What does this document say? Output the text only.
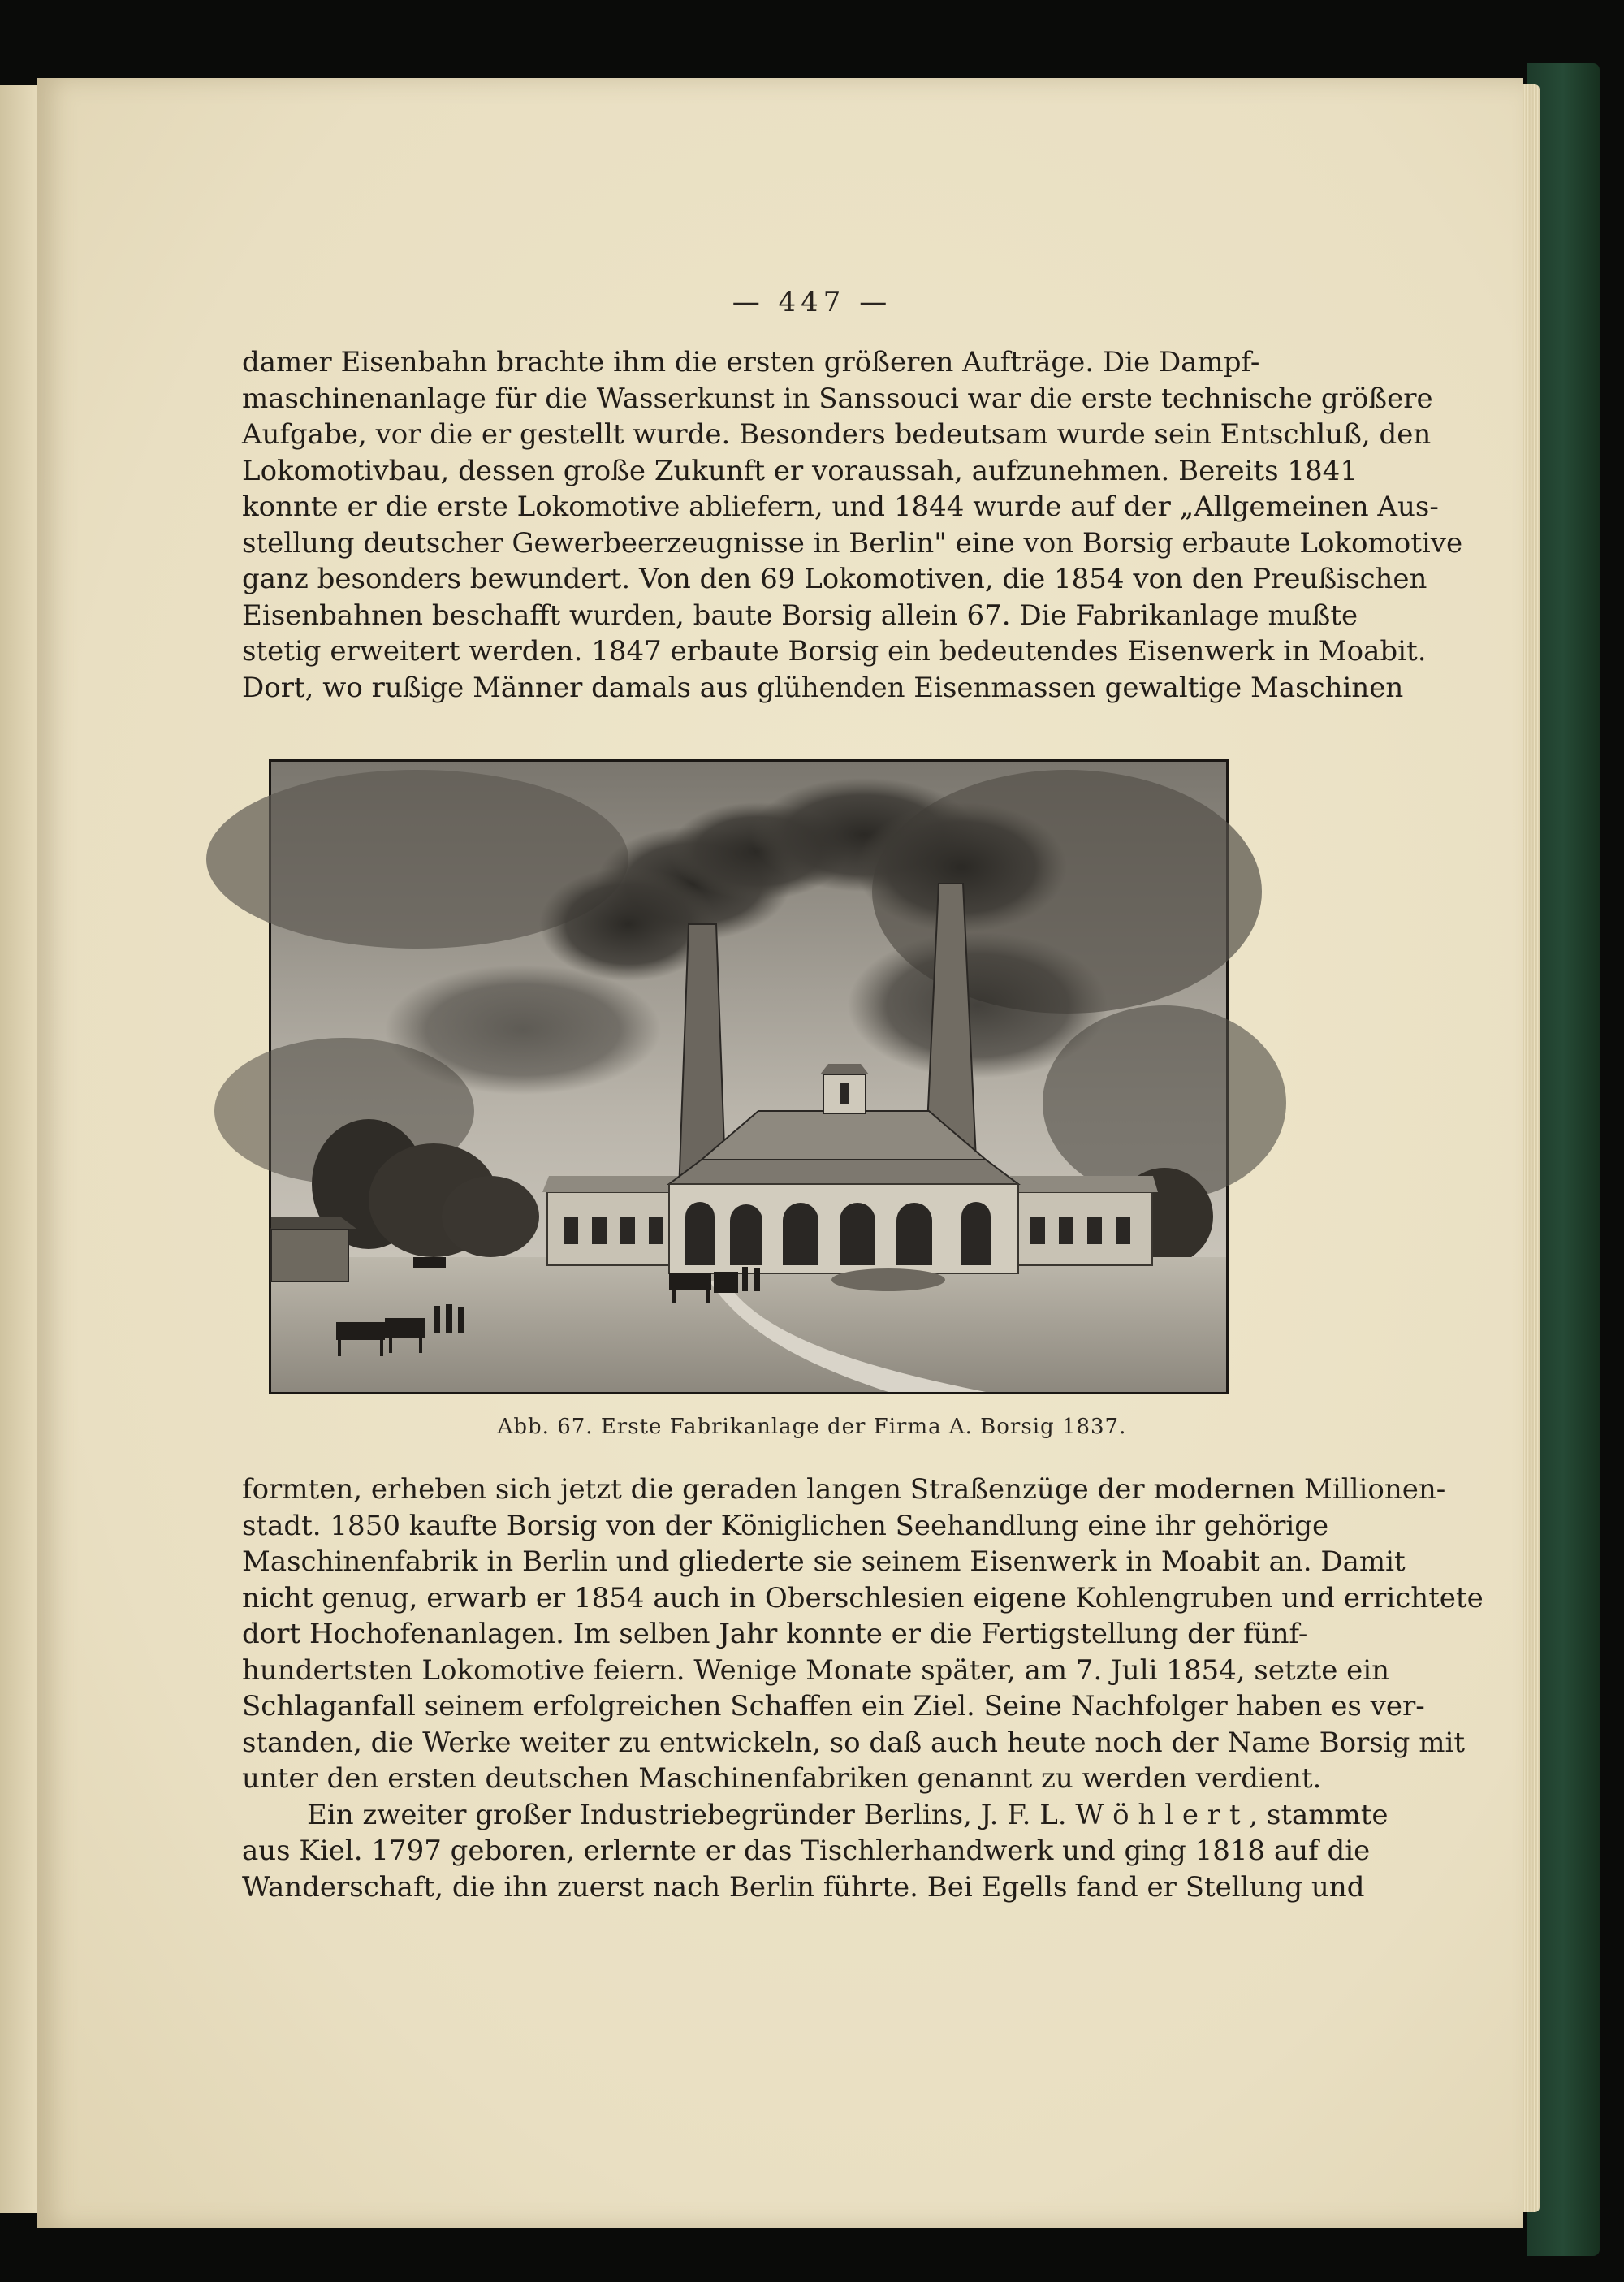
— 447 —
damer Eisenbahn brachte ihm die ersten größeren Aufträge. Die Dampf-
maschinenanlage für die Wasserkunst in Sanssouci war die erste technische größere
Aufgabe, vor die er gestellt wurde. Besonders bedeutsam wurde sein Entschluß, den
Lokomotivbau, dessen große Zukunft er voraussah, aufzunehmen. Bereits 1841
konnte er die erste Lokomotive abliefern, und 1844 wurde auf der „Allgemeinen Aus-
stellung deutscher Gewerbeerzeugnisse in Berlin" eine von Borsig erbaute Lokomotive
ganz besonders bewundert. Von den 69 Lokomotiven, die 1854 von den Preußischen
Eisenbahnen beschafft wurden, baute Borsig allein 67. Die Fabrikanlage mußte
stetig erweitert werden. 1847 erbaute Borsig ein bedeutendes Eisenwerk in Moabit.
Dort, wo rußige Männer damals aus glühenden Eisenmassen gewaltige Maschinen
Abb. 67. Erste Fabrikanlage der Firma A. Borsig 1837.
formten, erheben sich jetzt die geraden langen Straßenzüge der modernen Millionen-
stadt. 1850 kaufte Borsig von der Königlichen Seehandlung eine ihr gehörige
Maschinenfabrik in Berlin und gliederte sie seinem Eisenwerk in Moabit an. Damit
nicht genug, erwarb er 1854 auch in Oberschlesien eigene Kohlengruben und errichtete
dort Hochofenanlagen. Im selben Jahr konnte er die Fertigstellung der fünf-
hundertsten Lokomotive feiern. Wenige Monate später, am 7. Juli 1854, setzte ein
Schlaganfall seinem erfolgreichen Schaffen ein Ziel. Seine Nachfolger haben es ver-
standen, die Werke weiter zu entwickeln, so daß auch heute noch der Name Borsig mit
unter den ersten deutschen Maschinenfabriken genannt zu werden verdient.
Ein zweiter großer Industriebegründer Berlins, J. F. L. W ö h l e r t , stammte
aus Kiel. 1797 geboren, erlernte er das Tischlerhandwerk und ging 1818 auf die
Wanderschaft, die ihn zuerst nach Berlin führte. Bei Egells fand er Stellung und
